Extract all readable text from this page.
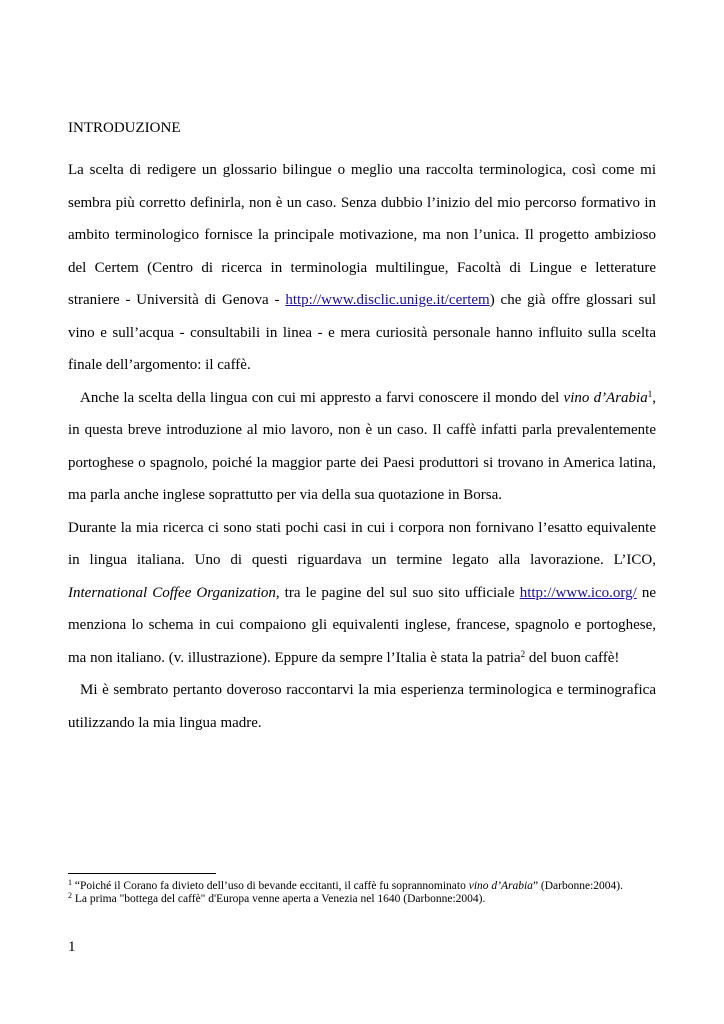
INTRODUZIONE

La scelta di redigere un glossario bilingue o meglio una raccolta terminologica, così come mi sembra più corretto definirla, non è un caso. Senza dubbio l’inizio del mio percorso formativo in ambito terminologico fornisce la principale motivazione, ma non l’unica. Il progetto ambizioso del Certem (Centro di ricerca in terminologia multilingue, Facoltà di Lingue e letterature straniere - Università di Genova - http://www.disclic.unige.it/certem) che già offre glossari sul vino e sull’acqua - consultabili in linea - e mera curiosità personale hanno influito sulla scelta finale dell’argomento: il caffè.

Anche la scelta della lingua con cui mi appresto a farvi conoscere il mondo del vino d’Arabia$^1$, in questa breve introduzione al mio lavoro, non è un caso. Il caffè infatti parla prevalentemente portoghese o spagnolo, poiché la maggior parte dei Paesi produttori si trovano in America latina, ma parla anche inglese soprattutto per via della sua quotazione in Borsa.

Durante la mia ricerca ci sono stati pochi casi in cui i corpora non fornivano l’esatto equivalente in lingua italiana. Uno di questi riguardava un termine legato alla lavorazione. L’ICO, International Coffee Organization, tra le pagine del sul suo sito ufficiale http://www.ico.org/ ne menziona lo schema in cui compaiono gli equivalenti inglese, francese, spagnolo e portoghese, ma non italiano. (v. illustrazione). Eppure da sempre l’Italia è stata la patria$^2$ del buon caffè!

Mi è sembrato pertanto doveroso raccontarvi la mia esperienza terminologica e terminografica utilizzando la mia lingua madre.

$^1$ “Poiché il Corano fa divieto dell’uso di bevande eccitanti, il caffè fu soprannominato vino d’Arabia” (Darbonne:2004).

$^2$ La prima "bottega del caffè" d'Europa venne aperta a Venezia nel 1640 (Darbonne:2004).

1
